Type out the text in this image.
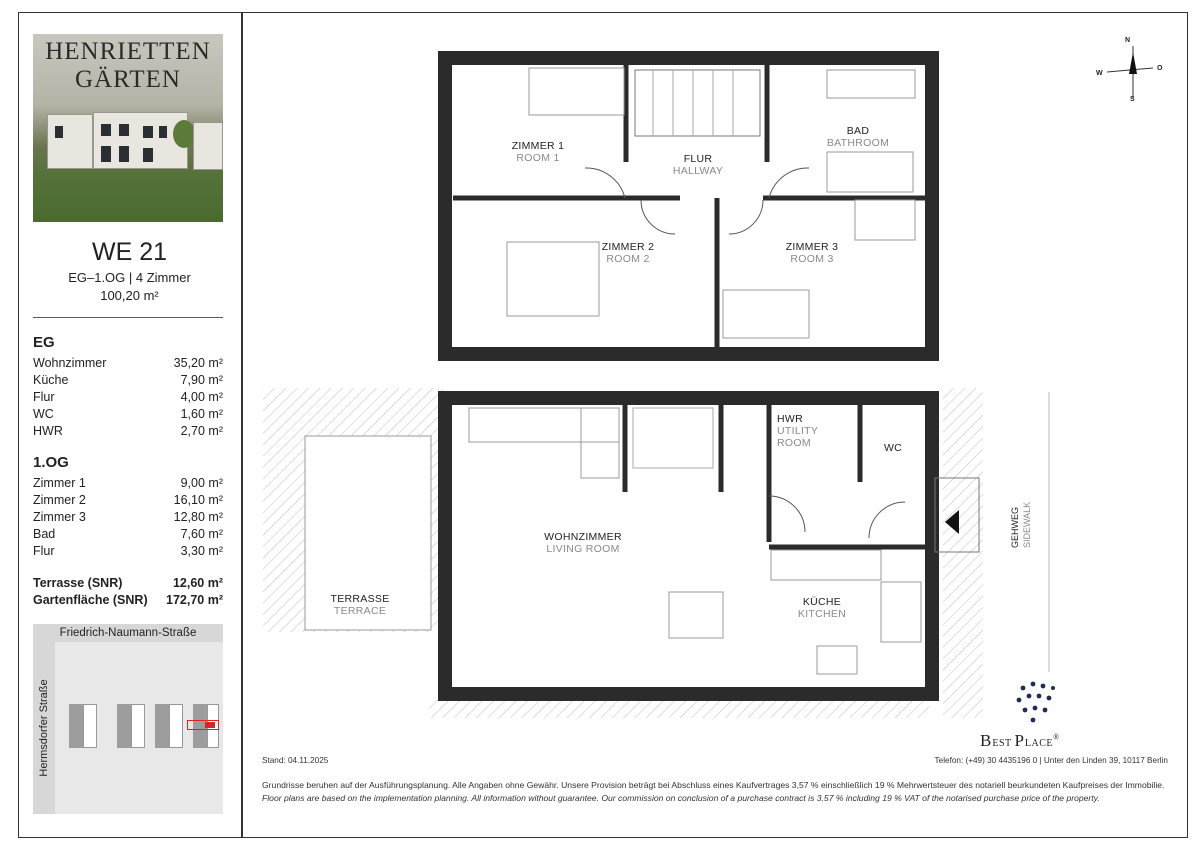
HENRIETTEN
GÄRTEN
WE 21
EG–1.OG | 4 Zimmer
100,20 m²
EG
Wohnzimmer	35,20 m²
Küche	7,90 m²
Flur	4,00 m²
WC	1,60 m²
HWR	2,70 m²
1.OG
Zimmer 1	9,00 m²
Zimmer 2	16,10 m²
Zimmer 3	12,80 m²
Bad	7,60 m²
Flur	3,30 m²
Terrasse (SNR)	12,60 m²
Gartenfläche (SNR) 172,70 m²
Friedrich-Naumann-Straße
Hermsdorfer Straße
N
S
W
O
ZIMMER 1
ROOM 1	FLUR
HALLWAY
BAD
BATHROOM
ZIMMER 2
ROOM 2
ZIMMER 3
ROOM 3
HWR
UTILITY
ROOM	WC
WOHNZIMMER
LIVING ROOM
TERRASSE
TERRACE
KÜCHE
KITCHEN
GEHWEG SIDEWALK
BEST PLACE®
Stand: 04.11.2025	Telefon: (+49) 30 4435196 0 | Unter den Linden 39, 10117 Berlin
Grundrisse beruhen auf der Ausführungsplanung. Alle Angaben ohne Gewähr. Unsere Provision beträgt bei Abschluss eines Kaufvertrages 3,57 % einschließlich 19 % Mehrwertsteuer des notariell beurkundeten Kaufpreises der Immobilie. Floor plans are based on the implementation planning. All information without guarantee. Our commission on conclusion of a purchase contract is 3.57 % including 19 % VAT of the notarised purchase price of the property.
